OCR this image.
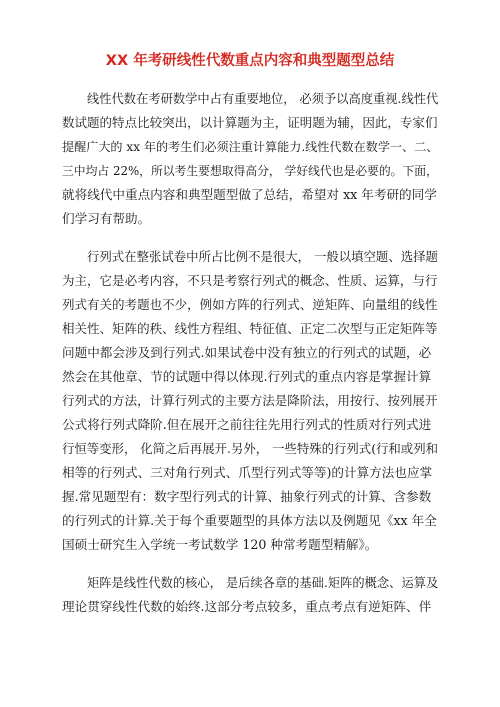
XX 年考研线性代数重点内容和典型题型总结

线性代数在考研数学中占有重要地位， 必须予以高度重视.线性代
数试题的特点比较突出，以计算题为主，证明题为辅，因此，专家们
提醒广大的 xx 年的考生们必须注重计算能力.线性代数在数学一、二、
三中均占 22%，所以考生要想取得高分， 学好线代也是必要的。下面，
就将线代中重点内容和典型题型做了总结，希望对 xx 年考研的同学
们学习有帮助。

行列式在整张试卷中所占比例不是很大， 一般以填空题、选择题
为主，它是必考内容，不只是考察行列式的概念、性质、运算，与行
列式有关的考题也不少，例如方阵的行列式、逆矩阵、向量组的线性
相关性、矩阵的秩、线性方程组、特征值、正定二次型与正定矩阵等
问题中都会涉及到行列式.如果试卷中没有独立的行列式的试题，必
然会在其他章、节的试题中得以体现.行列式的重点内容是掌握计算
行列式的方法，计算行列式的主要方法是降阶法，用按行、按列展开
公式将行列式降阶.但在展开之前往往先用行列式的性质对行列式进
行恒等变形， 化简之后再展开.另外， 一些特殊的行列式(行和或列和
相等的行列式、三对角行列式、爪型行列式等等)的计算方法也应掌
握.常见题型有：数字型行列式的计算、抽象行列式的计算、含参数
的行列式的计算.关于每个重要题型的具体方法以及例题见《xx 年全
国硕士研究生入学统一考试数学 120 种常考题型精解》。

矩阵是线性代数的核心， 是后续各章的基础.矩阵的概念、运算及
理论贯穿线性代数的始终.这部分考点较多，重点考点有逆矩阵、伴
